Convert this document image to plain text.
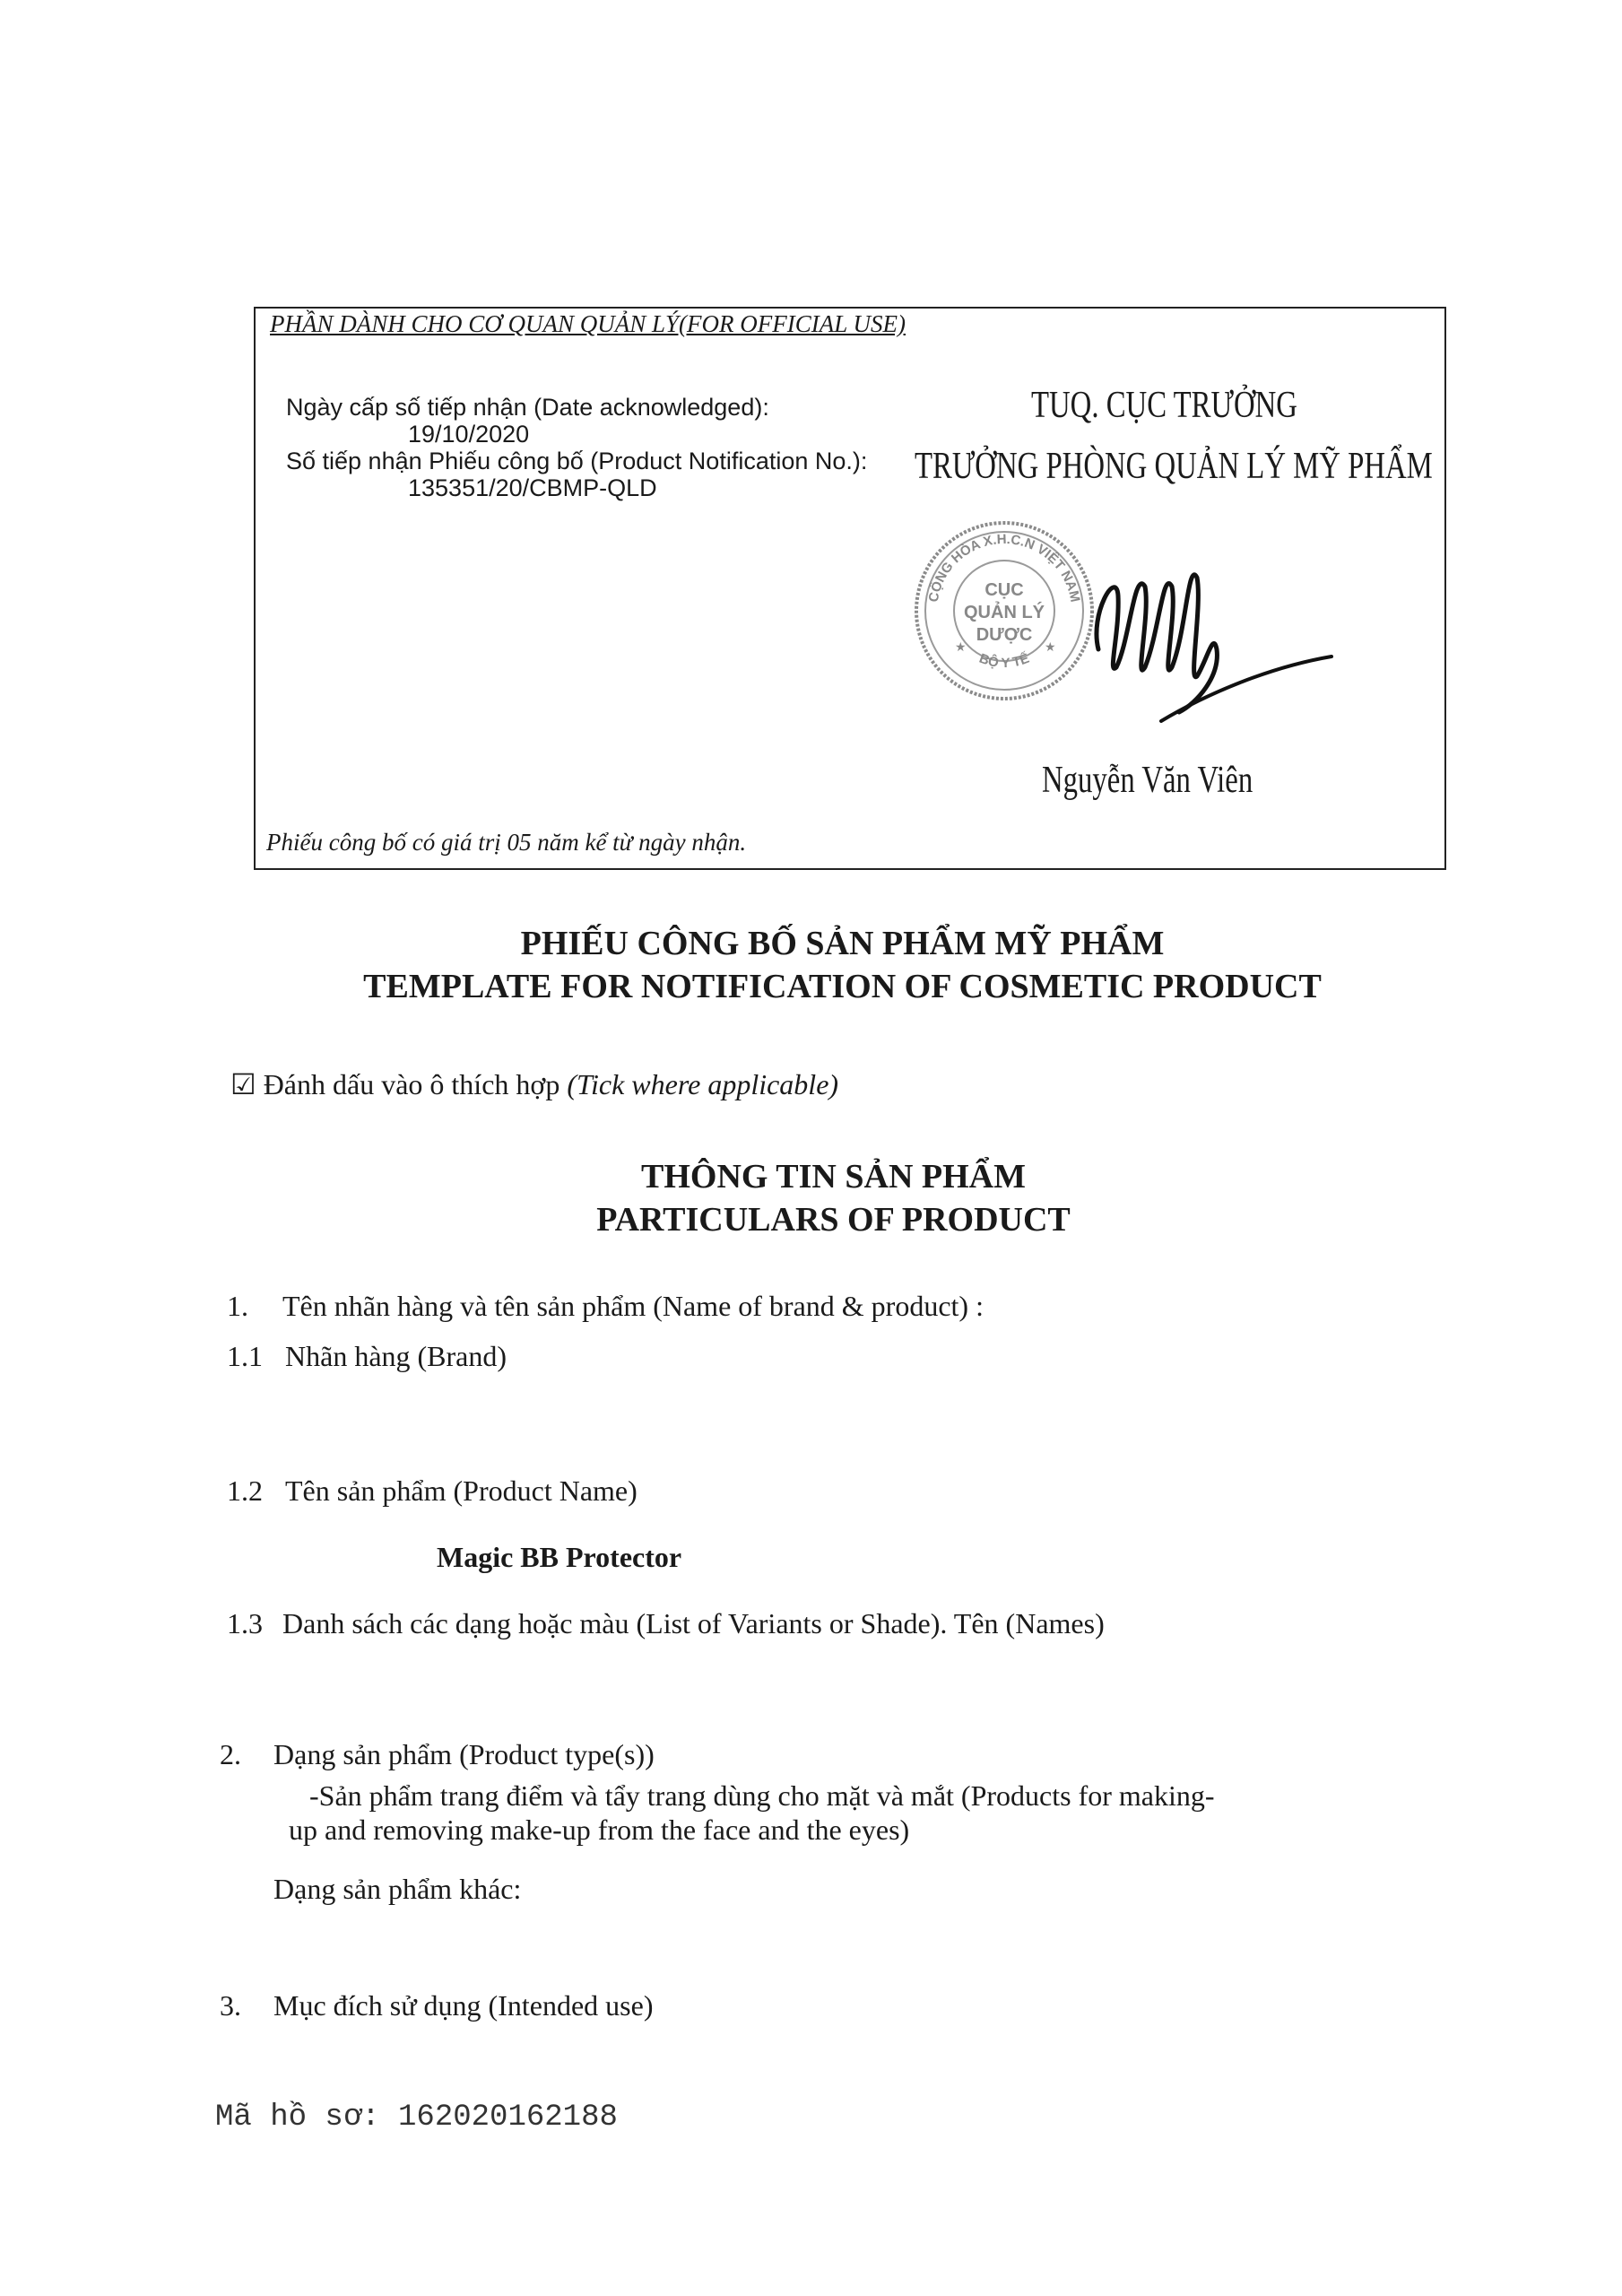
PHẦN DÀNH CHO CƠ QUAN QUẢN LÝ(FOR OFFICIAL USE)
Ngày cấp số tiếp nhận (Date acknowledged):
19/10/2020
Số tiếp nhận Phiếu công bố (Product Notification No.):
135351/20/CBMP-QLD
TUQ. CỤC TRƯỞNG
TRƯỞNG PHÒNG QUẢN LÝ MỸ PHẨM
CỘNG HÒA X.H.C.N VIỆT NAM
BỘ Y TẾ
CỤC
QUẢN LÝ
DƯỢC
★	★
Nguyễn Văn Viên
Phiếu công bố có giá trị 05 năm kể từ ngày nhận.
PHIẾU CÔNG BỐ SẢN PHẨM MỸ PHẨM
TEMPLATE FOR NOTIFICATION OF COSMETIC PRODUCT
☑ Đánh dấu vào ô thích hợp (Tick where applicable)
THÔNG TIN SẢN PHẨM
PARTICULARS OF PRODUCT
1. Tên nhãn hàng và tên sản phẩm (Name of brand & product) :
1.1 Nhãn hàng (Brand)
1.2 Tên sản phẩm (Product Name)
Magic BB Protector
1.3 Danh sách các dạng hoặc màu (List of Variants or Shade). Tên (Names)
2. Dạng sản phẩm (Product type(s))
-Sản phẩm trang điểm và tẩy trang dùng cho mặt và mắt (Products for making-
up and removing make-up from the face and the eyes)
Dạng sản phẩm khác:
3. Mục đích sử dụng (Intended use)
Mã hồ sơ: 162020162188
